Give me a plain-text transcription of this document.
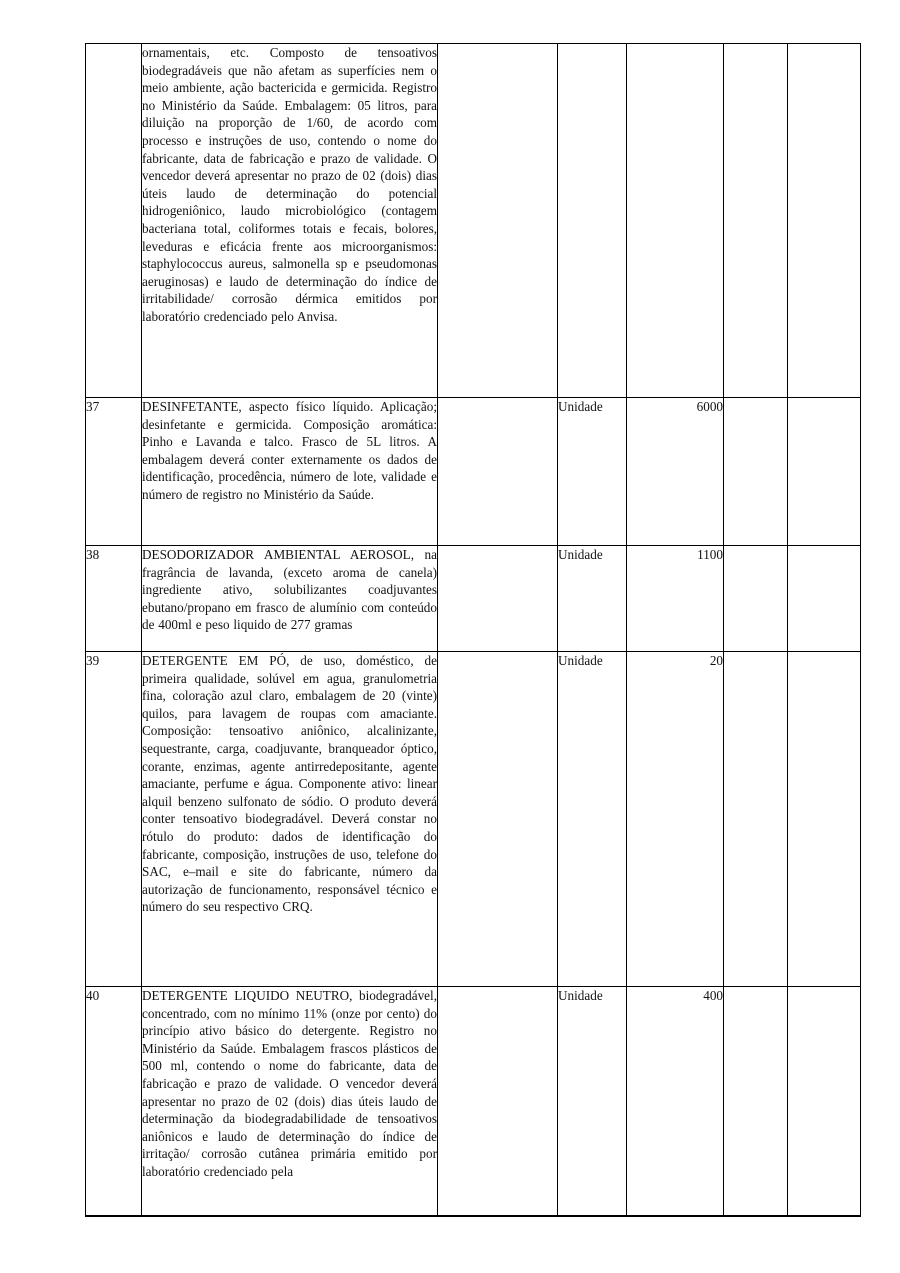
	ornamentais, etc. Composto de tensoativos biodegradáveis que não afetam as superfícies nem o meio ambiente, ação bactericida e germicida. Registro no Ministério da Saúde. Embalagem: 05 litros, para diluição na proporção de 1/60, de acordo com processo e instruções de uso, contendo o nome do fabricante, data de fabricação e prazo de validade. O vencedor deverá apresentar no prazo de 02 (dois) dias úteis laudo de determinação do potencial hidrogeniônico, laudo microbiológico (contagem bacteriana total, coliformes totais e fecais, bolores, leveduras e eficácia frente aos microorganismos: staphylococcus aureus, salmonella sp e pseudomonas aeruginosas) e laudo de determinação do índice de irritabilidade/ corrosão dérmica emitidos por laboratório credenciado pelo Anvisa.					
37	DESINFETANTE, aspecto físico líquido. Aplicação; desinfetante e germicida. Composição aromática: Pinho e Lavanda e talco. Frasco de 5L litros. A embalagem deverá conter externamente os dados de identificação, procedência, número de lote, validade e número de registro no Ministério da Saúde.		Unidade	6000		
38	DESODORIZADOR AMBIENTAL AEROSOL, na fragrância de lavanda, (exceto aroma de canela) ingrediente ativo, solubilizantes coadjuvantes ebutano/propano em frasco de alumínio com conteúdo de 400ml e peso liquido de 277 gramas		Unidade	1100		
39	DETERGENTE EM PÓ, de uso, doméstico, de primeira qualidade, solúvel em agua, granulometria fina, coloração azul claro, embalagem de 20 (vinte) quilos, para lavagem de roupas com amaciante. Composição: tensoativo aniônico, alcalinizante, sequestrante, carga, coadjuvante, branqueador óptico, corante, enzimas, agente antirredepositante, agente amaciante, perfume e água. Componente ativo: linear alquil benzeno sulfonato de sódio. O produto deverá conter tensoativo biodegradável. Deverá constar no rótulo do produto: dados de identificação do fabricante, composição, instruções de uso, telefone do SAC, e–mail e site do fabricante, número da autorização de funcionamento, responsável técnico e número do seu respectivo CRQ.		Unidade	20		
40	DETERGENTE LIQUIDO NEUTRO, biodegradável, concentrado, com no mínimo 11% (onze por cento) do princípio ativo básico do detergente. Registro no Ministério da Saúde. Embalagem frascos plásticos de 500 ml, contendo o nome do fabricante, data de fabricação e prazo de validade. O vencedor deverá apresentar no prazo de 02 (dois) dias úteis laudo de determinação da biodegradabilidade de tensoativos aniônicos e laudo de determinação do índice de irritação/ corrosão cutânea primária emitido por laboratório credenciado pela		Unidade	400		
